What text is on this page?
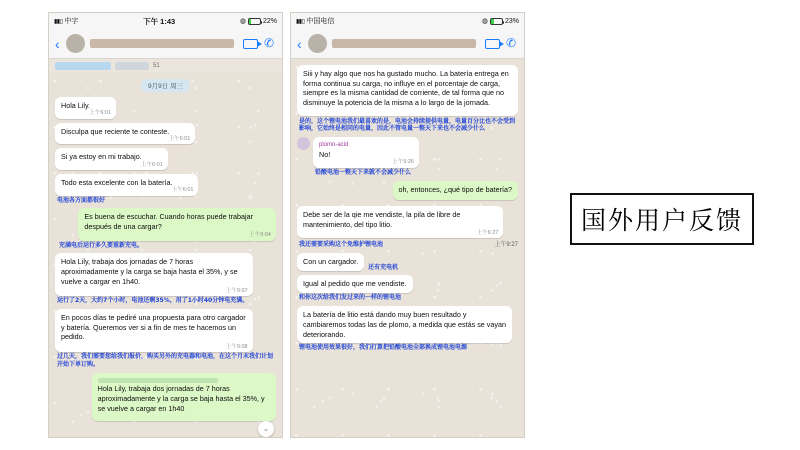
▮▮▯ 中字	下午 1:43	◍ 22%
‹	✆
51
9月9日 周三
Hola Lily.
上午6:01
Disculpa que reciente te conteste.
上午6:01
Si ya estoy en mi trabajo.
上午6:01
Todo esta excelente con la batería.
上午6:01
电池各方面都很好
Es buena de escuchar. Cuando horas puede trabajar después de una cargar?
上午9:04
充满电后运行多久要重新充电。
Hola Lily, trabaja dos jornadas de 7 horas aproximadamente y la carga se baja hasta el 35%, y se vuelve a cargar en 1h40.
上午9:07
运行了2天，大约7个小时，电池还剩35%，用了1小时40分钟电充满。
En pocos días te pediré una propuesta para otro cargador y batería. Queremos ver si a fin de mes te hacemos un pedido.
上午9:08
过几天，我们需要您给我们报价，购买另外的充电器和电池，在这个月末我们计划开始下单订购。
Hola Lily, trabaja dos jornadas de 7 horas aproximadamente y la carga se baja hasta el 35%, y se vuelve a cargar en 1h40
⌄
▮▮▯ 中国电信	◍ 23%
‹	✆
Siii y hay algo que nos ha gustado mucho. La batería entrega en forma continua su carga, no influye en el porcentaje de carga, siempre es la misma cantidad de corriente, de tal forma que no disminuye la potencia de la misma a lo largo de la jornada.
是的，这个锂电池我们最喜欢的是，电池会持续提供电量，电量百分比也不会受到影响，它始终是相同的电量，因此不管电量一整天下来也不会减少什么
plomo-acid
No!
上午9:26
铅酸电池一整天下来就不会减少什么
oh, entonces, ¿qué tipo de batería?
Debe ser de la qie me vendiste, la pila de libre de mantenimiento, del tipo litio.
上午6:27
我还需要采购这个免维护锂电池	上午9:27
Con un cargador.
还有充电机
Igual al pedido que me vendiste.
和你这次给我们发过来的一样的锂电池
La batería de litio está dando muy buen resultado y cambiaremos todas las de plomo, a medida que estás se vayan deteriorando.
锂电池使用效果很好，我们打算把铅酸电池全部换成锂电池电源
国外用户反馈
